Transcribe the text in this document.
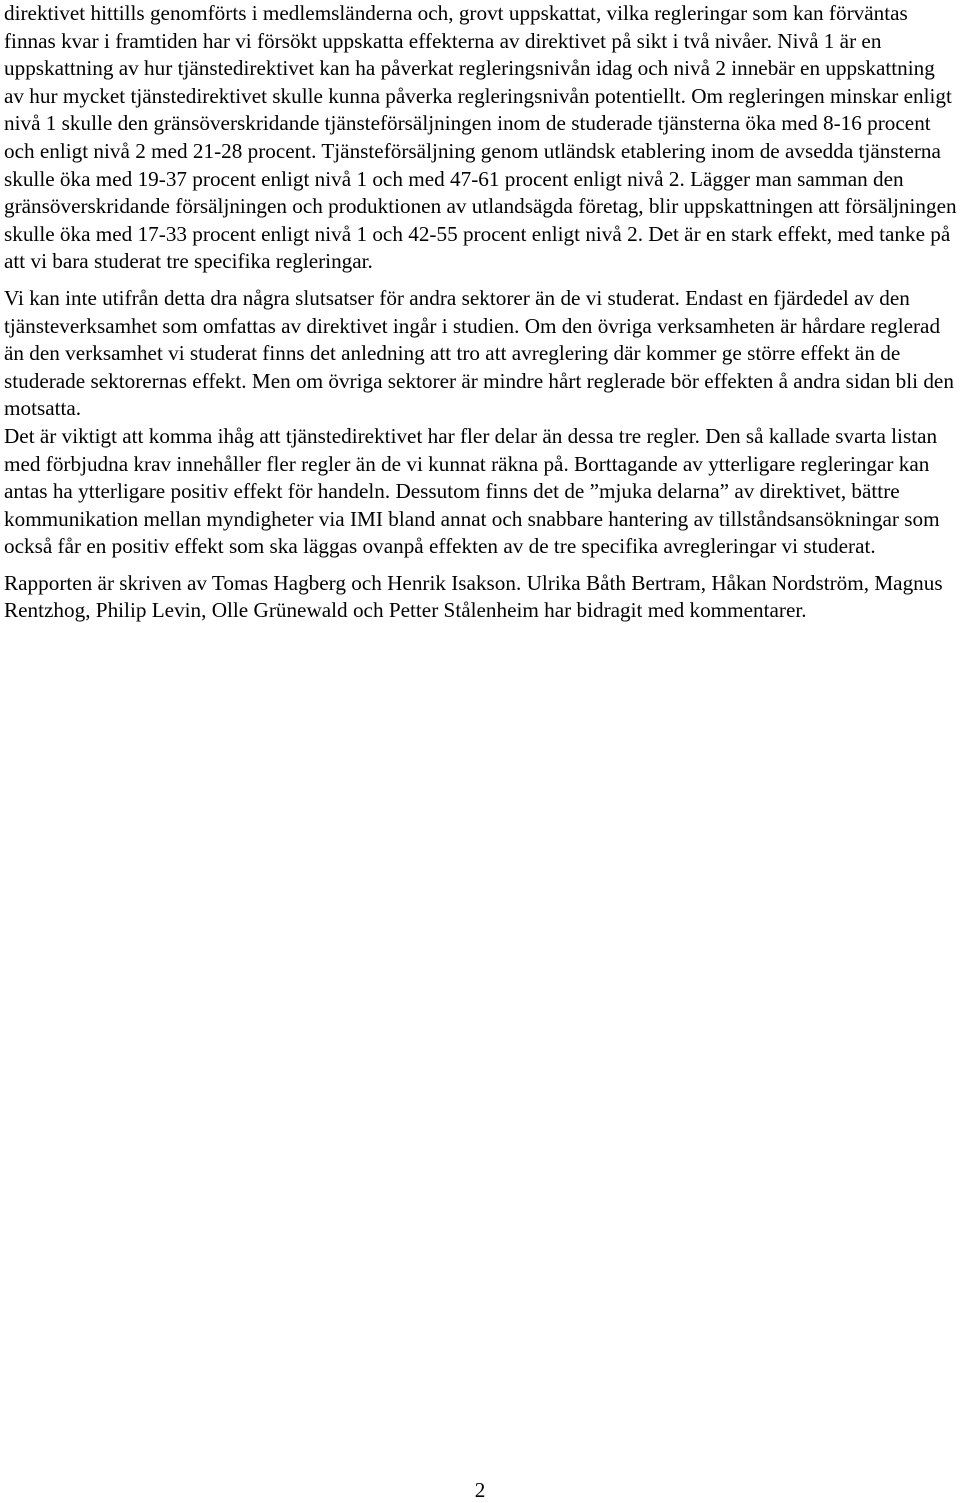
direktivet hittills genomförts i medlemsländerna och, grovt uppskattat, vilka regleringar som kan förväntas finnas kvar i framtiden har vi försökt uppskatta effekterna av direktivet på sikt i två nivåer. Nivå 1 är en uppskattning av hur tjänstedirektivet kan ha påverkat regleringsnivån idag och nivå 2 innebär en uppskattning av hur mycket tjänstedirektivet skulle kunna påverka regleringsnivån potentiellt. Om regleringen minskar enligt nivå 1 skulle den gränsöverskridande tjänsteförsäljningen inom de studerade tjänsterna öka med 8-16 procent och enligt nivå 2 med 21-28 procent. Tjänsteförsäljning genom utländsk etablering inom de avsedda tjänsterna skulle öka med 19-37 procent enligt nivå 1 och med 47-61 procent enligt nivå 2. Lägger man samman den gränsöverskridande försäljningen och produktionen av utlandsägda företag, blir uppskattningen att försäljningen skulle öka med 17-33 procent enligt nivå 1 och 42-55 procent enligt nivå 2. Det är en stark effekt, med tanke på att vi bara studerat tre specifika regleringar.

Vi kan inte utifrån detta dra några slutsatser för andra sektorer än de vi studerat. Endast en fjärdedel av den tjänsteverksamhet som omfattas av direktivet ingår i studien. Om den övriga verksamheten är hårdare reglerad än den verksamhet vi studerat finns det anledning att tro att avreglering där kommer ge större effekt än de studerade sektorernas effekt. Men om övriga sektorer är mindre hårt reglerade bör effekten å andra sidan bli den motsatta.

Det är viktigt att komma ihåg att tjänstedirektivet har fler delar än dessa tre regler. Den så kallade svarta listan med förbjudna krav innehåller fler regler än de vi kunnat räkna på. Borttagande av ytterligare regleringar kan antas ha ytterligare positiv effekt för handeln. Dessutom finns det de ”mjuka delarna” av direktivet, bättre kommunikation mellan myndigheter via IMI bland annat och snabbare hantering av tillståndsansökningar som också får en positiv effekt som ska läggas ovanpå effekten av de tre specifika avregleringar vi studerat.

Rapporten är skriven av Tomas Hagberg och Henrik Isakson. Ulrika Båth Bertram, Håkan Nordström, Magnus Rentzhog, Philip Levin, Olle Grünewald och Petter Stålenheim har bidragit med kommentarer.

2
